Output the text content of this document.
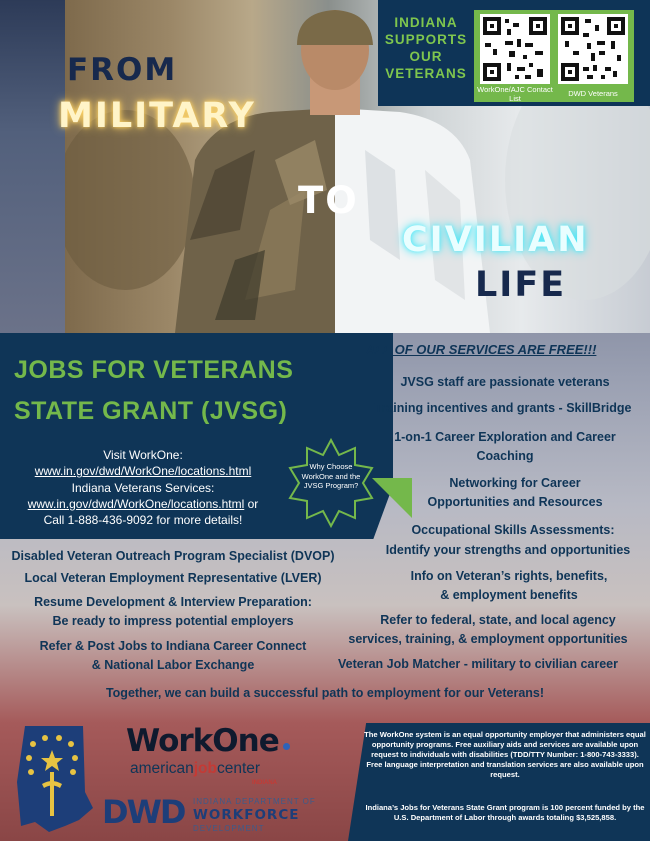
FROM
MILITARY
TO
CIVILIAN
LIFE
INDIANA
SUPPORTS
OUR
VETERANS
WorkOne/AJC Contact List	DWD Veterans
JOBS FOR VETERANS
STATE GRANT (JVSG)
Visit WorkOne:
www.in.gov/dwd/WorkOne/locations.html
Indiana Veterans Services:
www.in.gov/dwd/WorkOne/locations.html or
Call 1-888-436-9092 for more details!
Why Choose WorkOne and the JVSG Program?
ALL OF OUR SERVICES ARE FREE!!!
JVSG staff are passionate veterans
Training incentives and grants - SkillBridge
1-on-1 Career Exploration and Career
Coaching
Networking for Career
Opportunities and Resources
Occupational Skills Assessments:
Identify your strengths and opportunities
Info on Veteran’s rights, benefits,
& employment benefits
Refer to federal, state, and local agency
services, training, & employment opportunities
Veteran Job Matcher - military to civilian career
Disabled Veteran Outreach Program Specialist (DVOP)
Local Veteran Employment Representative (LVER)
Resume Development & Interview Preparation:
Be ready to impress potential employers
Refer & Post Jobs to Indiana Career Connect
& National Labor Exchange
Together, we can build a successful path to employment for our Veterans!
WorkOne
americanjobcenter
INDIANA
DWD INDIANA DEPARTMENT OF
WORKFORCE
DEVELOPMENT
The WorkOne system is an equal opportunity employer that administers equal opportunity programs. Free auxiliary aids and services are available upon request to individuals with disabilities (TDD/TTY Number: 1-800-743-3333). Free language interpretation and translation services are also available upon request.
Indiana’s Jobs for Veterans State Grant program is 100 percent funded by the U.S. Department of Labor through awards totaling $3,525,858.
